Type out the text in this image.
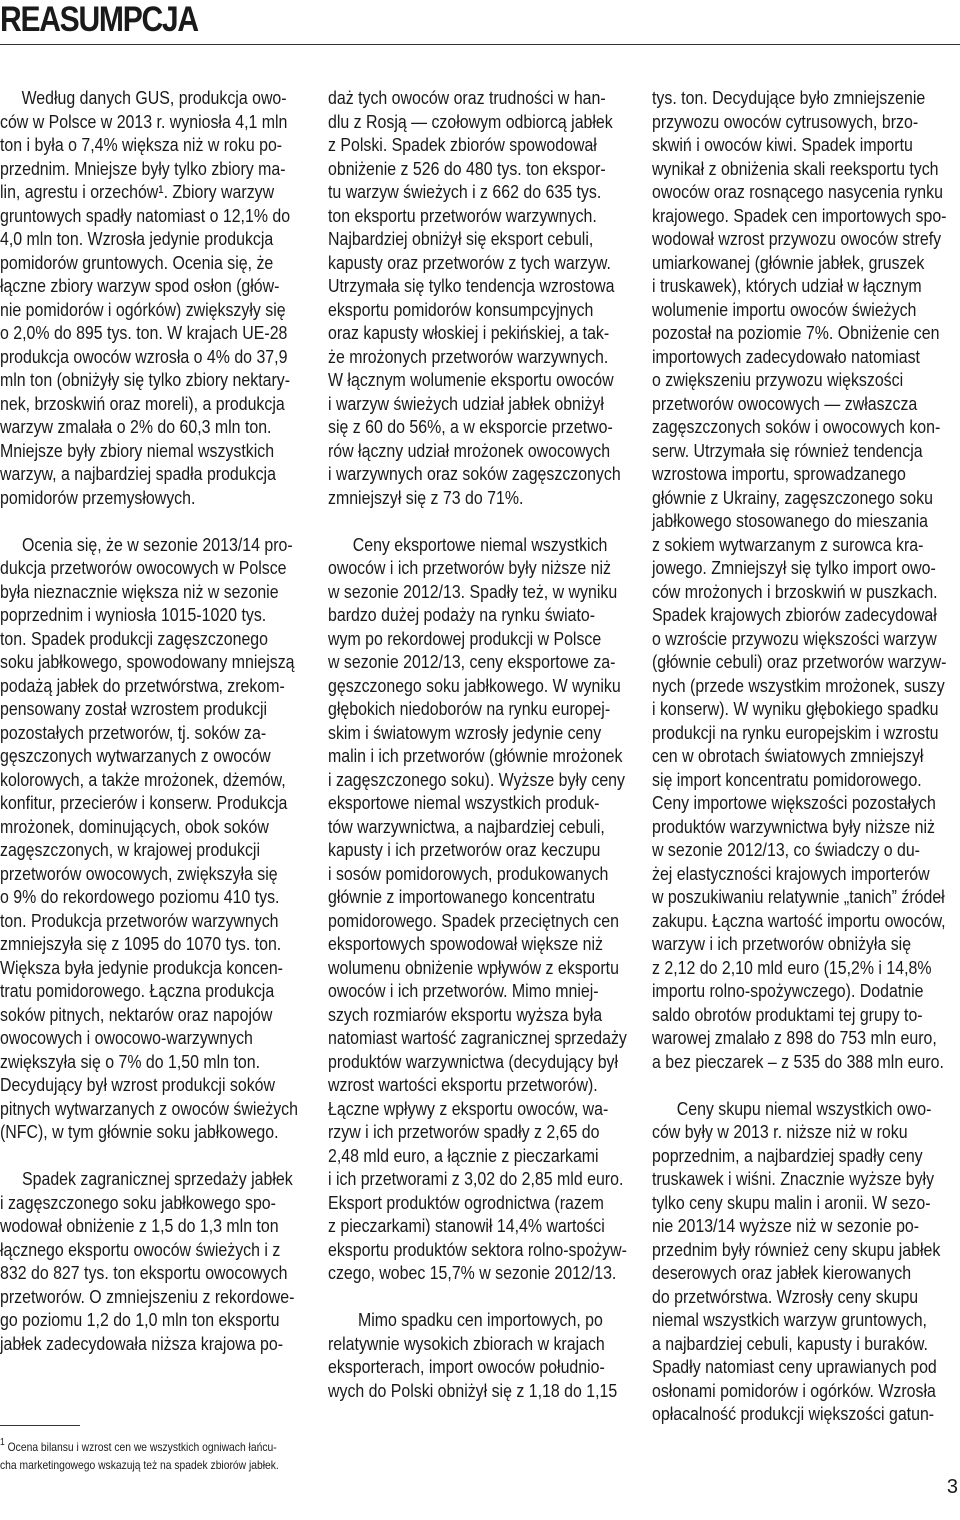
REASUMPCJA
Według danych GUS, produkcja owo-
ców w Polsce w 2013 r. wyniosła 4,1 mln
ton i była o 7,4% większa niż w roku po-
przednim. Mniejsze były tylko zbiory ma-
lin, agrestu i orzechów¹. Zbiory warzyw
gruntowych spadły natomiast o 12,1% do
4,0 mln ton. Wzrosła jedynie produkcja
pomidorów gruntowych. Ocenia się, że
łączne zbiory warzyw spod osłon (głów-
nie pomidorów i ogórków) zwiększyły się
o 2,0% do 895 tys. ton. W krajach UE-28
produkcja owoców wzrosła o 4% do 37,9
mln ton (obniżyły się tylko zbiory nektary-
nek, brzoskwiń oraz moreli), a produkcja
warzyw zmalała o 2% do 60,3 mln ton.
Mniejsze były zbiory niemal wszystkich
warzyw, a najbardziej spadła produkcja
pomidorów przemysłowych.
Ocenia się, że w sezonie 2013/14 pro-
dukcja przetworów owocowych w Polsce
była nieznacznie większa niż w sezonie
poprzednim i wyniosła 1015-1020 tys.
ton. Spadek produkcji zagęszczonego
soku jabłkowego, spowodowany mniejszą
podażą jabłek do przetwórstwa, zrekom-
pensowany został wzrostem produkcji
pozostałych przetworów, tj. soków za-
gęszczonych wytwarzanych z owoców
kolorowych, a także mrożonek, dżemów,
konfitur, przecierów i konserw. Produkcja
mrożonek, dominujących, obok soków
zagęszczonych, w krajowej produkcji
przetworów owocowych, zwiększyła się
o 9% do rekordowego poziomu 410 tys.
ton. Produkcja przetworów warzywnych
zmniejszyła się z 1095 do 1070 tys. ton.
Większa była jedynie produkcja koncen-
tratu pomidorowego. Łączna produkcja
soków pitnych, nektarów oraz napojów
owocowych i owocowo-warzywnych
zwiększyła się o 7% do 1,50 mln ton.
Decydujący był wzrost produkcji soków
pitnych wytwarzanych z owoców świeżych
(NFC), w tym głównie soku jabłkowego.
Spadek zagranicznej sprzedaży jabłek
i zagęszczonego soku jabłkowego spo-
wodował obniżenie z 1,5 do 1,3 mln ton
łącznego eksportu owoców świeżych i z
832 do 827 tys. ton eksportu owocowych
przetworów. O zmniejszeniu z rekordowe-
go poziomu 1,2 do 1,0 mln ton eksportu
jabłek zadecydowała niższa krajowa po-
daż tych owoców oraz trudności w han-
dlu z Rosją — czołowym odbiorcą jabłek
z Polski. Spadek zbiorów spowodował
obniżenie z 526 do 480 tys. ton ekspor-
tu warzyw świeżych i z 662 do 635 tys.
ton eksportu przetworów warzywnych.
Najbardziej obniżył się eksport cebuli,
kapusty oraz przetworów z tych warzyw.
Utrzymała się tylko tendencja wzrostowa
eksportu pomidorów konsumpcyjnych
oraz kapusty włoskiej i pekińskiej, a tak-
że mrożonych przetworów warzywnych.
W łącznym wolumenie eksportu owoców
i warzyw świeżych udział jabłek obniżył
się z 60 do 56%, a w eksporcie przetwo-
rów łączny udział mrożonek owocowych
i warzywnych oraz soków zagęszczonych
zmniejszył się z 73 do 71%.
Ceny eksportowe niemal wszystkich
owoców i ich przetworów były niższe niż
w sezonie 2012/13. Spadły też, w wyniku
bardzo dużej podaży na rynku świato-
wym po rekordowej produkcji w Polsce
w sezonie 2012/13, ceny eksportowe za-
gęszczonego soku jabłkowego. W wyniku
głębokich niedoborów na rynku europej-
skim i światowym wzrosły jedynie ceny
malin i ich przetworów (głównie mrożonek
i zagęszczonego soku). Wyższe były ceny
eksportowe niemal wszystkich produk-
tów warzywnictwa, a najbardziej cebuli,
kapusty i ich przetworów oraz keczupu
i sosów pomidorowych, produkowanych
głównie z importowanego koncentratu
pomidorowego. Spadek przeciętnych cen
eksportowych spowodował większe niż
wolumenu obniżenie wpływów z eksportu
owoców i ich przetworów. Mimo mniej-
szych rozmiarów eksportu wyższa była
natomiast wartość zagranicznej sprzedaży
produktów warzywnictwa (decydujący był
wzrost wartości eksportu przetworów).
Łączne wpływy z eksportu owoców, wa-
rzyw i ich przetworów spadły z 2,65 do
2,48 mld euro, a łącznie z pieczarkami
i ich przetworami z 3,02 do 2,85 mld euro.
Eksport produktów ogrodnictwa (razem
z pieczarkami) stanowił 14,4% wartości
eksportu produktów sektora rolno-spożyw-
czego, wobec 15,7% w sezonie 2012/13.
Mimo spadku cen importowych, po
relatywnie wysokich zbiorach w krajach
eksporterach, import owoców południo-
wych do Polski obniżył się z 1,18 do 1,15
tys. ton. Decydujące było zmniejszenie
przywozu owoców cytrusowych, brzo-
skwiń i owoców kiwi. Spadek importu
wynikał z obniżenia skali reeksportu tych
owoców oraz rosnącego nasycenia rynku
krajowego. Spadek cen importowych spo-
wodował wzrost przywozu owoców strefy
umiarkowanej (głównie jabłek, gruszek
i truskawek), których udział w łącznym
wolumenie importu owoców świeżych
pozostał na poziomie 7%. Obniżenie cen
importowych zadecydowało natomiast
o zwiększeniu przywozu większości
przetworów owocowych — zwłaszcza
zagęszczonych soków i owocowych kon-
serw. Utrzymała się również tendencja
wzrostowa importu, sprowadzanego
głównie z Ukrainy, zagęszczonego soku
jabłkowego stosowanego do mieszania
z sokiem wytwarzanym z surowca kra-
jowego. Zmniejszył się tylko import owo-
ców mrożonych i brzoskwiń w puszkach.
Spadek krajowych zbiorów zadecydował
o wzroście przywozu większości warzyw
(głównie cebuli) oraz przetworów warzyw-
nych (przede wszystkim mrożonek, suszy
i konserw). W wyniku głębokiego spadku
produkcji na rynku europejskim i wzrostu
cen w obrotach światowych zmniejszył
się import koncentratu pomidorowego.
Ceny importowe większości pozostałych
produktów warzywnictwa były niższe niż
w sezonie 2012/13, co świadczy o du-
żej elastyczności krajowych importerów
w poszukiwaniu relatywnie „tanich” źródeł
zakupu. Łączna wartość importu owoców,
warzyw i ich przetworów obniżyła się
z 2,12 do 2,10 mld euro (15,2% i 14,8%
importu rolno-spożywczego). Dodatnie
saldo obrotów produktami tej grupy to-
warowej zmalało z 898 do 753 mln euro,
a bez pieczarek – z 535 do 388 mln euro.
Ceny skupu niemal wszystkich owo-
ców były w 2013 r. niższe niż w roku
poprzednim, a najbardziej spadły ceny
truskawek i wiśni. Znacznie wyższe były
tylko ceny skupu malin i aronii. W sezo-
nie 2013/14 wyższe niż w sezonie po-
przednim były również ceny skupu jabłek
deserowych oraz jabłek kierowanych
do przetwórstwa. Wzrosły ceny skupu
niemal wszystkich warzyw gruntowych,
a najbardziej cebuli, kapusty i buraków.
Spadły natomiast ceny uprawianych pod
osłonami pomidorów i ogórków. Wzrosła
opłacalność produkcji większości gatun-
$^1$ Ocena bilansu i wzrost cen we wszystkich ogniwach łańcu-
cha marketingowego wskazują też na spadek zbiorów jabłek.
3
